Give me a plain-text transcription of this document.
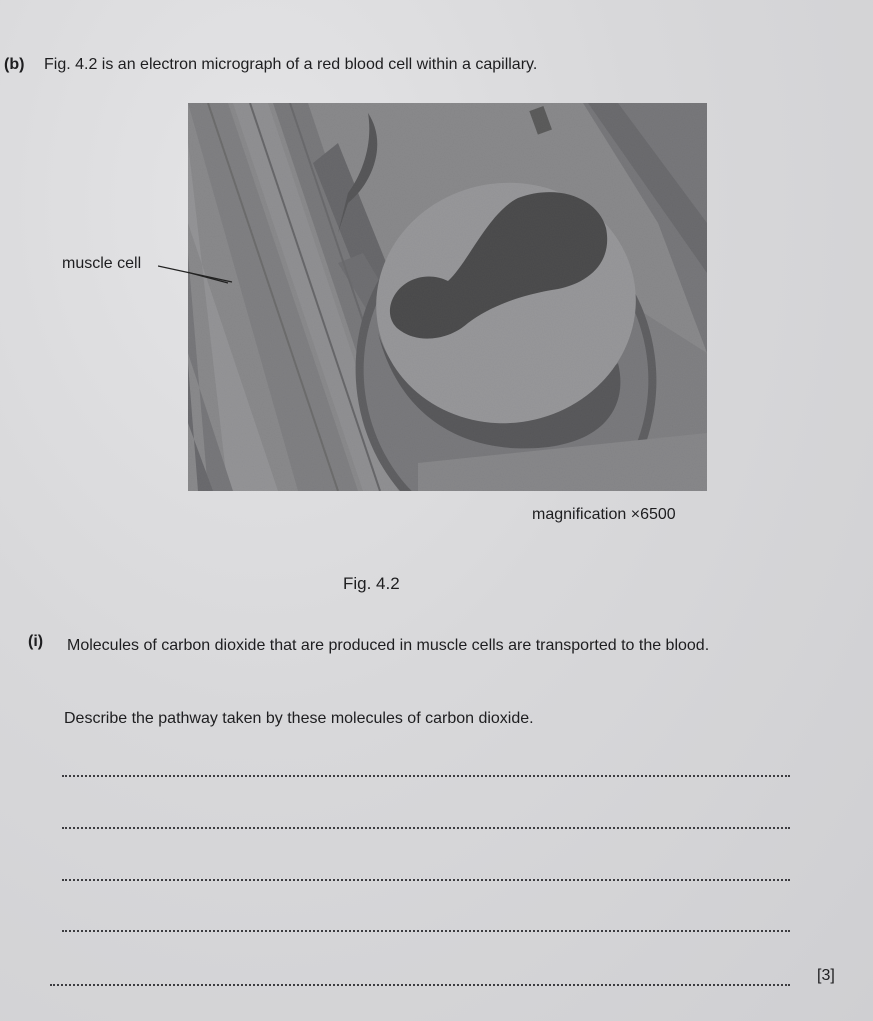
(b) Fig. 4.2 is an electron micrograph of a red blood cell within a capillary.
muscle cell
magnification ×6500
Fig. 4.2
(i) Molecules of carbon dioxide that are produced in muscle cells are transported to the blood.
Describe the pathway taken by these molecules of carbon dioxide.
[3]
